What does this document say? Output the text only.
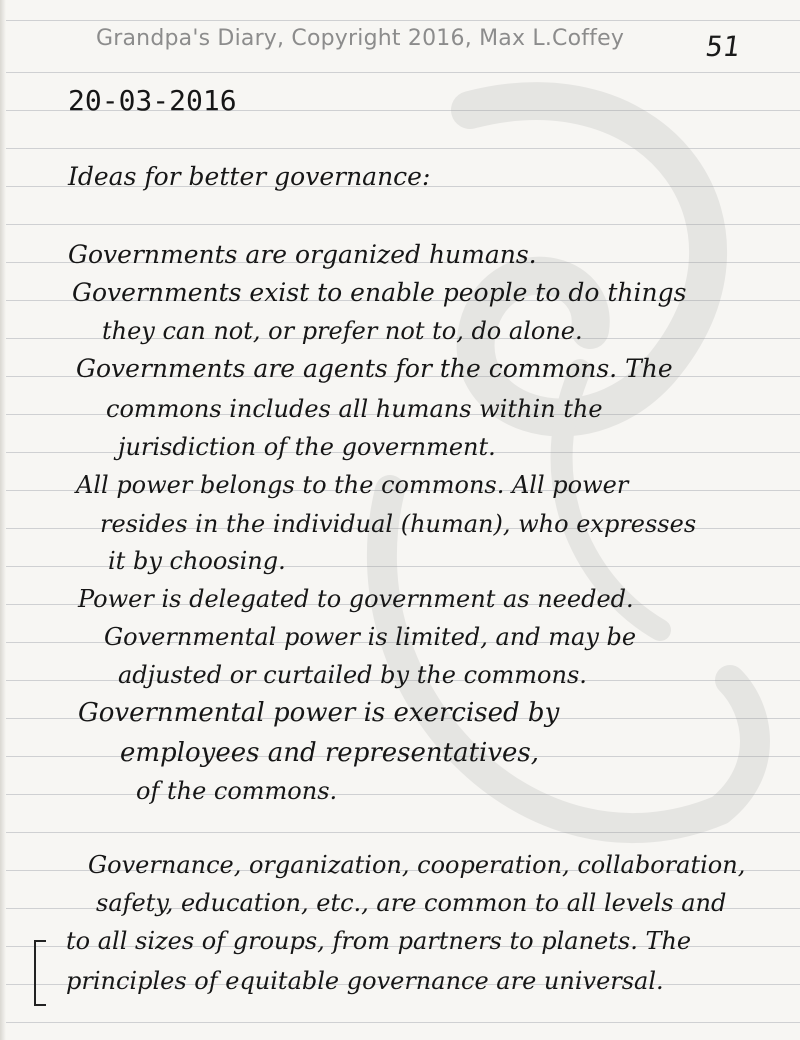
Grandpa's Diary, Copyright 2016, Max L.Coffey	51
20-03-2016
Ideas for better governance:
Governments are organized humans.
Governments exist to enable people to do things
they can not, or prefer not to, do alone.
Governments are agents for the commons. The
commons includes all humans within the
jurisdiction of the government.
All power belongs to the commons. All power
resides in the individual (human), who expresses
it by choosing.
Power is delegated to government as needed.
Governmental power is limited, and may be
adjusted or curtailed by the commons.
Governmental power is exercised by
employees and representatives,
of the commons.
Governance, organization, cooperation, collaboration,
safety, education, etc., are common to all levels and
to all sizes of groups, from partners to planets. The
principles of equitable governance are universal.
